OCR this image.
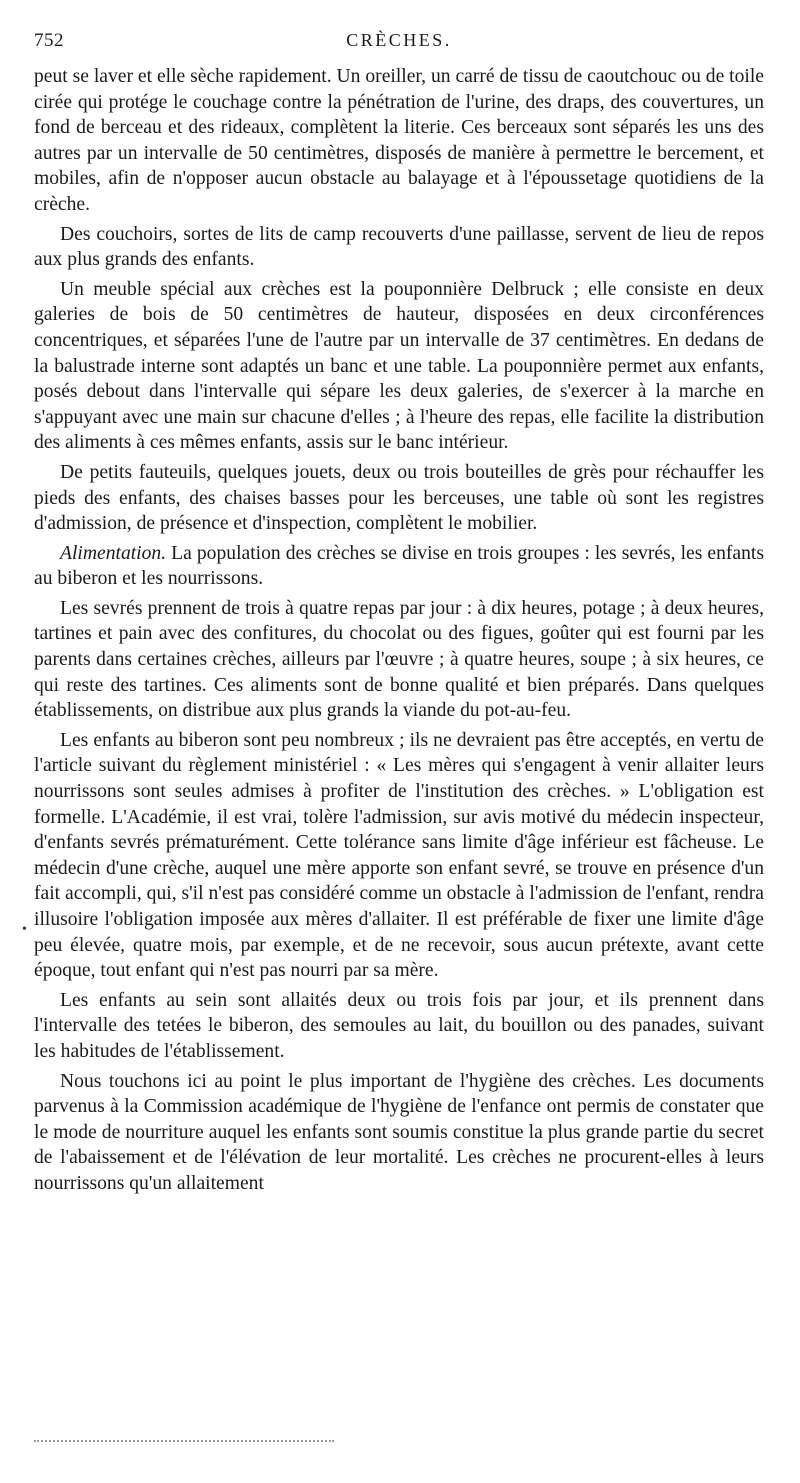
752	CRÈCHES.

peut se laver et elle sèche rapidement. Un oreiller, un carré de tissu de caoutchouc ou de toile cirée qui protége le couchage contre la pénétration de l'urine, des draps, des couvertures, un fond de berceau et des rideaux, complètent la literie. Ces berceaux sont séparés les uns des autres par un intervalle de 50 centimètres, disposés de manière à permettre le bercement, et mobiles, afin de n'opposer aucun obstacle au balayage et à l'époussetage quotidiens de la crèche.

Des couchoirs, sortes de lits de camp recouverts d'une paillasse, servent de lieu de repos aux plus grands des enfants.

Un meuble spécial aux crèches est la pouponnière Delbruck ; elle consiste en deux galeries de bois de 50 centimètres de hauteur, disposées en deux circonférences concentriques, et séparées l'une de l'autre par un intervalle de 37 centimètres. En dedans de la balustrade interne sont adaptés un banc et une table. La pouponnière permet aux enfants, posés debout dans l'intervalle qui sépare les deux galeries, de s'exercer à la marche en s'appuyant avec une main sur chacune d'elles ; à l'heure des repas, elle facilite la distribution des aliments à ces mêmes enfants, assis sur le banc intérieur.

De petits fauteuils, quelques jouets, deux ou trois bouteilles de grès pour réchauffer les pieds des enfants, des chaises basses pour les berceuses, une table où sont les registres d'admission, de présence et d'inspection, complètent le mobilier.

Alimentation. La population des crèches se divise en trois groupes : les sevrés, les enfants au biberon et les nourrissons.

Les sevrés prennent de trois à quatre repas par jour : à dix heures, potage ; à deux heures, tartines et pain avec des confitures, du chocolat ou des figues, goûter qui est fourni par les parents dans certaines crèches, ailleurs par l'œuvre ; à quatre heures, soupe ; à six heures, ce qui reste des tartines. Ces aliments sont de bonne qualité et bien préparés. Dans quelques établissements, on distribue aux plus grands la viande du pot-au-feu.

Les enfants au biberon sont peu nombreux ; ils ne devraient pas être acceptés, en vertu de l'article suivant du règlement ministériel : « Les mères qui s'engagent à venir allaiter leurs nourrissons sont seules admises à profiter de l'institution des crèches. » L'obligation est formelle. L'Académie, il est vrai, tolère l'admission, sur avis motivé du médecin inspecteur, d'enfants sevrés prématurément. Cette tolérance sans limite d'âge inférieur est fâcheuse. Le médecin d'une crèche, auquel une mère apporte son enfant sevré, se trouve en présence d'un fait accompli, qui, s'il n'est pas considéré comme un obstacle à l'admission de l'enfant, rendra illusoire l'obligation imposée aux mères d'allaiter. Il est préférable de fixer une limite d'âge peu élevée, quatre mois, par exemple, et de ne recevoir, sous aucun prétexte, avant cette époque, tout enfant qui n'est pas nourri par sa mère.

Les enfants au sein sont allaités deux ou trois fois par jour, et ils prennent dans l'intervalle des tetées le biberon, des semoules au lait, du bouillon ou des panades, suivant les habitudes de l'établissement.

Nous touchons ici au point le plus important de l'hygiène des crèches. Les documents parvenus à la Commission académique de l'hygiène de l'enfance ont permis de constater que le mode de nourriture auquel les enfants sont soumis constitue la plus grande partie du secret de l'abaissement et de l'élévation de leur mortalité. Les crèches ne procurent-elles à leurs nourrissons qu'un allaitement

•
